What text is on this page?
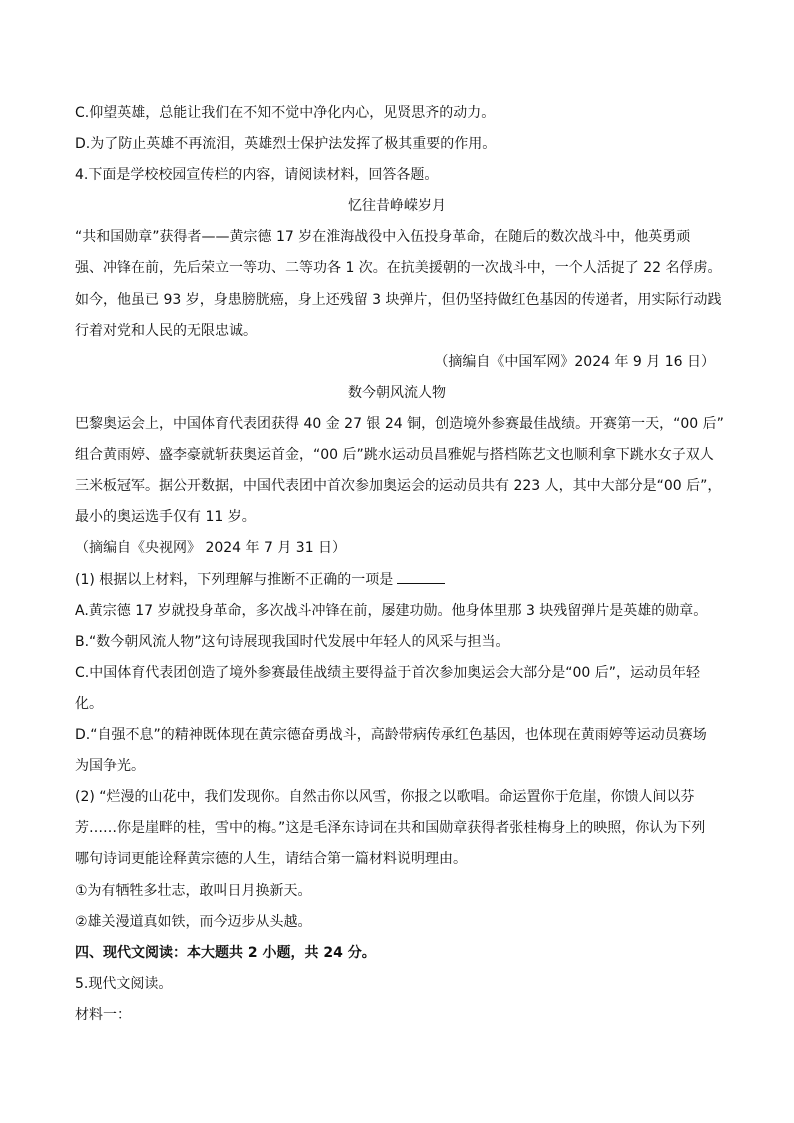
C.仰望英雄，总能让我们在不知不觉中净化内心，见贤思齐的动力。
D.为了防止英雄不再流泪，英雄烈士保护法发挥了极其重要的作用。
4.下面是学校校园宣传栏的内容，请阅读材料，回答各题。
忆往昔峥嵘岁月
“共和国勋章”获得者——黄宗德 17 岁在淮海战役中入伍投身革命，在随后的数次战斗中，他英勇顽
强、冲锋在前，先后荣立一等功、二等功各 1 次。在抗美援朝的一次战斗中，一个人活捉了 22 名俘虏。
如今，他虽已 93 岁，身患膀胱癌，身上还残留 3 块弹片，但仍坚持做红色基因的传递者，用实际行动践
行着对党和人民的无限忠诚。
（摘编自《中国军网》2024 年 9 月 16 日）
数今朝风流人物
巴黎奥运会上，中国体育代表团获得 40 金 27 银 24 铜，创造境外参赛最佳战绩。开赛第一天，“00 后”
组合黄雨婷、盛李豪就斩获奥运首金，“00 后”跳水运动员昌雅妮与搭档陈艺文也顺利拿下跳水女子双人
三米板冠军。据公开数据，中国代表团中首次参加奥运会的运动员共有 223 人，其中大部分是“00 后”，
最小的奥运选手仅有 11 岁。
（摘编自《央视网》 2024 年 7 月 31 日）
(1) 根据以上材料，下列理解与推断不正确的一项是
A.黄宗德 17 岁就投身革命，多次战斗冲锋在前，屡建功勋。他身体里那 3 块残留弹片是英雄的勋章。
B.“数今朝风流人物”这句诗展现我国时代发展中年轻人的风采与担当。
C.中国体育代表团创造了境外参赛最佳战绩主要得益于首次参加奥运会大部分是“00 后”，运动员年轻
化。
D.“自强不息”的精神既体现在黄宗德奋勇战斗，高龄带病传承红色基因，也体现在黄雨婷等运动员赛场
为国争光。
(2) “烂漫的山花中，我们发现你。自然击你以风雪，你报之以歌唱。命运置你于危崖，你馈人间以芬
芳……你是崖畔的桂，雪中的梅。”这是毛泽东诗词在共和国勋章获得者张桂梅身上的映照，你认为下列
哪句诗词更能诠释黄宗德的人生，请结合第一篇材料说明理由。
①为有牺牲多壮志，敢叫日月换新天。
②雄关漫道真如铁，而今迈步从头越。
四、现代文阅读：本大题共 2 小题，共 24 分。
5.现代文阅读。
材料一：
